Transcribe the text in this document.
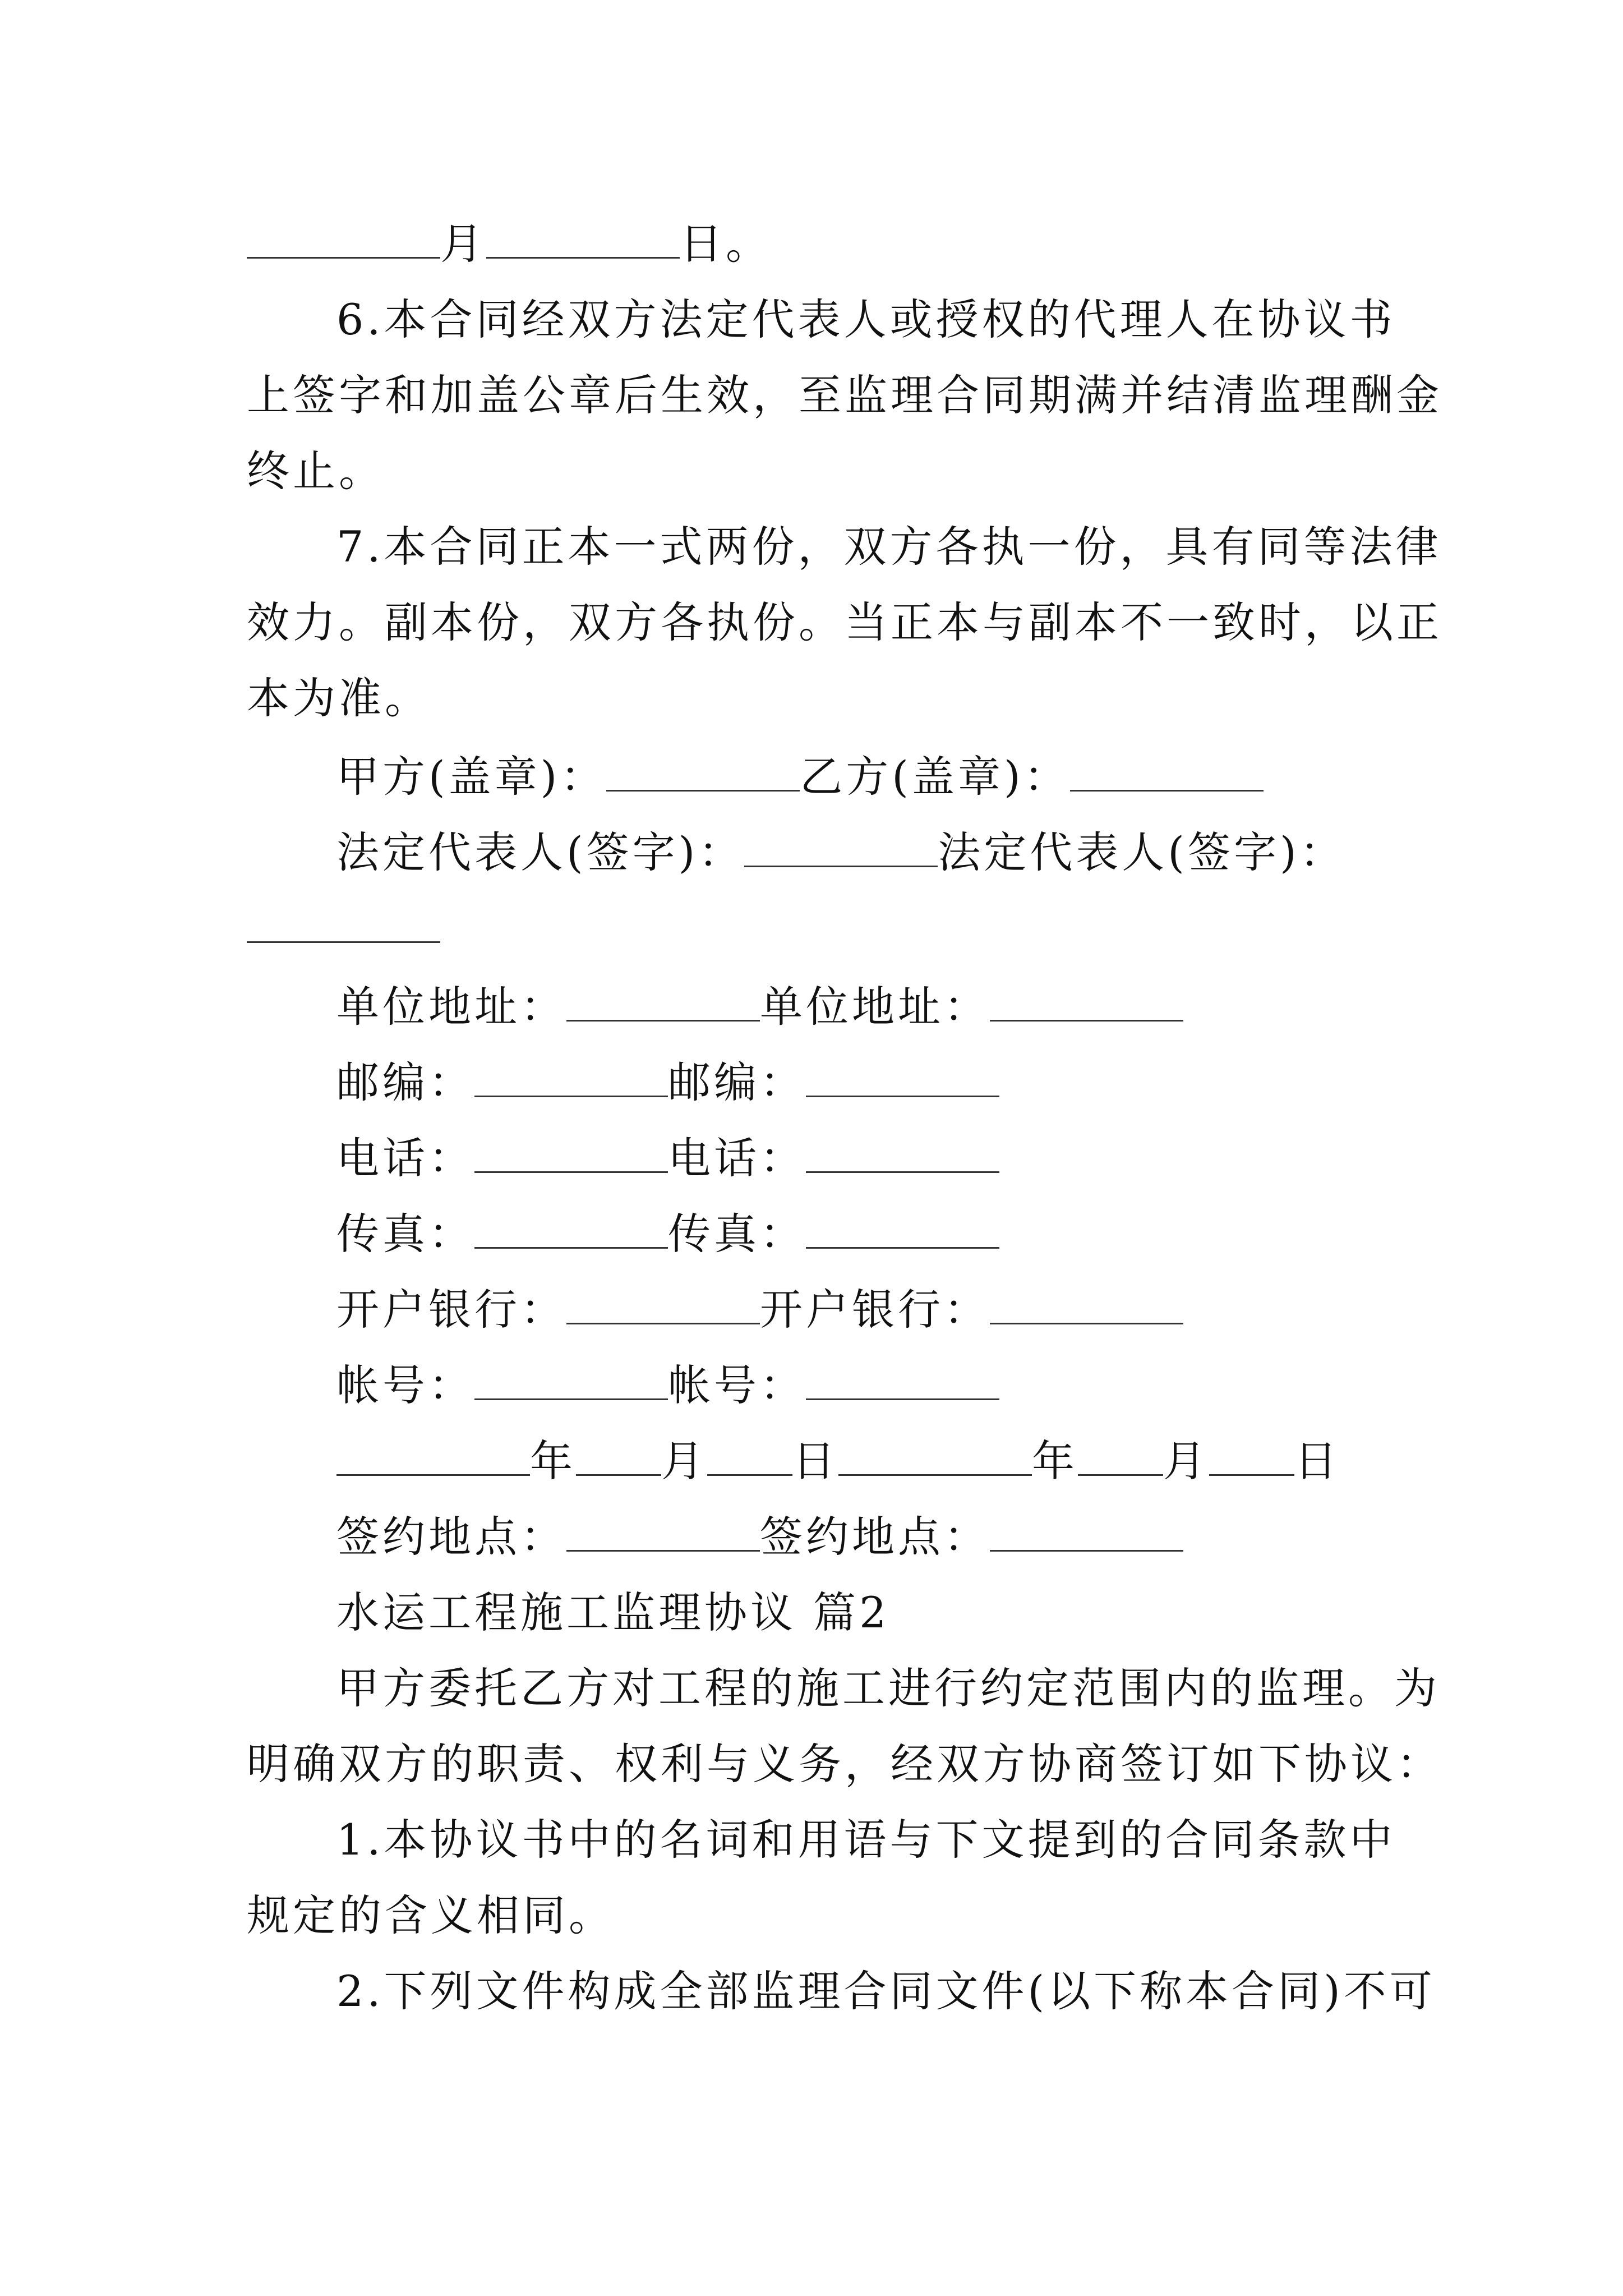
月	日。
6.本合同经双方法定代表人或授权的代理人在协议书
上签字和加盖公章后生效，至监理合同期满并结清监理酬金
终止。
7.本合同正本一式两份，双方各执一份，具有同等法律
效力。副本份，双方各执份。当正本与副本不一致时，以正
本为准。
甲方(盖章)：	乙方(盖章)：
法定代表人(签字)：	法定代表人(签字)：
单位地址：	单位地址：
邮编：	邮编：
电话：	电话：
传真：	传真：
开户银行：	开户银行：
帐号：	帐号：
年 月 日	年 月 日
签约地点：	签约地点：
水运工程施工监理协议 篇2
甲方委托乙方对工程的施工进行约定范围内的监理。为
明确双方的职责、权利与义务，经双方协商签订如下协议：
1.本协议书中的名词和用语与下文提到的合同条款中
规定的含义相同。
2.下列文件构成全部监理合同文件(以下称本合同)不可
